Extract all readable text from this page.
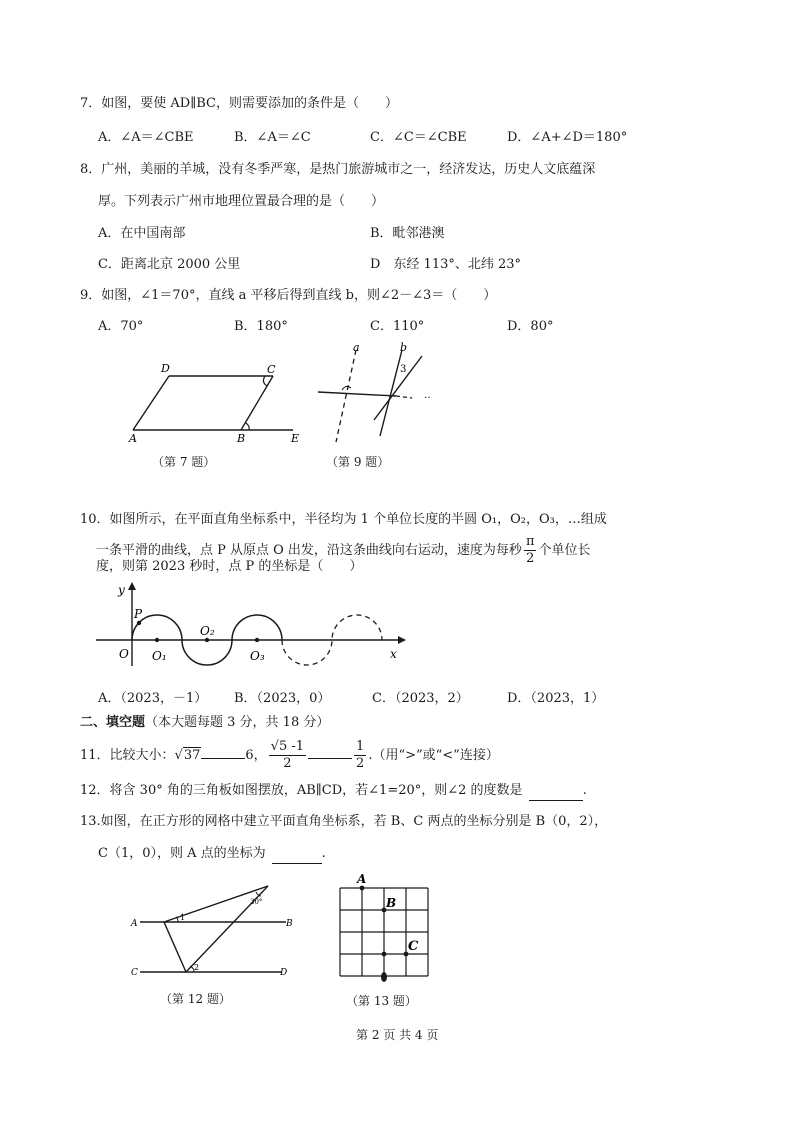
7．如图，要使 AD∥BC，则需要添加的条件是（　　）
A．∠A＝∠CBE	B．∠A＝∠C	C．∠C＝∠CBE	D．∠A+∠D＝180°
8．广州，美丽的羊城，没有冬季严寒，是热门旅游城市之一，经济发达，历史人文底蕴深
厚。下列表示广州市地理位置最合理的是（　　）
A．在中国南部	B．毗邻港澳
C．距离北京 2000 公里	D　东经 113°、北纬 23°
9．如图，∠1＝70°，直线 a 平移后得到直线 b，则∠2－∠3＝（　　）
A．70°	B．180°	C．110°	D．80°
D	C
A	B	E
（第 7 题）
a	b
3
‥
（第 9 题）
10．如图所示，在平面直角坐标系中，半径均为 1 个单位长度的半圆 O₁，O₂，O₃，…组成
一条平滑的曲线，点 P 从原点 O 出发，沿这条曲线向右运动，速度为每秒 $\frac{\pi}{2}$ 个单位长
度，则第 2023 秒时，点 P 的坐标是（　　）
y
P
O O₁
O₂
O₃	x
A．（2023，－1） B．（2023，0）	C．（2023，2）	D．（2023，1）
二、填空题（本大题每题 3 分，共 18 分）
11．比较大小：√37	6， $\frac{√5 -1}{2}$	$\frac{1}{2}$ .（用“>”或“<”连接）
12．将含 30° 角的三角板如图摆放，AB∥CD，若∠1=20°，则∠2 的度数是	.
13.如图，在正方形的网格中建立平面直角坐标系，若 B、C 两点的坐标分别是 B（0，2），
C（1，0），则 A 点的坐标为	.
A	B
C	D
1
2
30°
（第 12 题）
A
B
C
（第 13 题）
第 2 页 共 4 页
